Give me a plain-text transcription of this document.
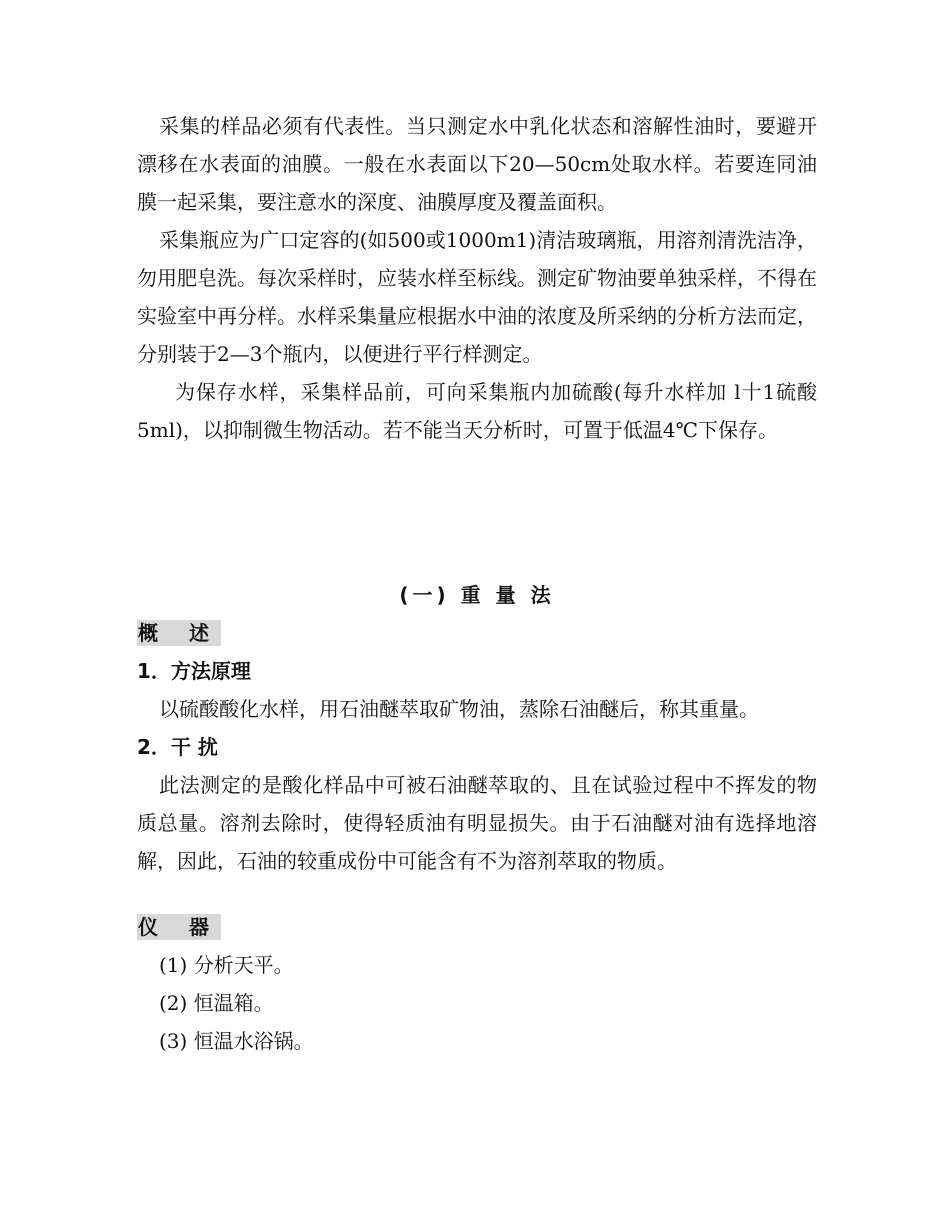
采集的样品必须有代表性。当只测定水中乳化状态和溶解性油时，要避开漂移在水表面的油膜。一般在水表面以下20—50cm处取水样。若要连同油膜一起采集，要注意水的深度、油膜厚度及覆盖面积。

采集瓶应为广口定容的(如500或1000m1)清洁玻璃瓶，用溶剂清洗洁净，勿用肥皂洗。每次采样时，应装水样至标线。测定矿物油要单独采样，不得在实验室中再分样。水样采集量应根据水中油的浓度及所采纳的分析方法而定，分别装于2—3个瓶内，以便进行平行样测定。

为保存水样，采集样品前，可向采集瓶内加硫酸(每升水样加 l十1硫酸5ml)，以抑制微生物活动。若不能当天分析时，可置于低温4℃下保存。

(一) 重 量 法

概 述

1．方法原理

以硫酸酸化水样，用石油醚萃取矿物油，蒸除石油醚后，称其重量。

2．干 扰

此法测定的是酸化样品中可被石油醚萃取的、且在试验过程中不挥发的物质总量。溶剂去除时，使得轻质油有明显损失。由于石油醚对油有选择地溶解，因此，石油的较重成份中可能含有不为溶剂萃取的物质。

仪 器

(1) 分析天平。

(2) 恒温箱。

(3) 恒温水浴锅。
